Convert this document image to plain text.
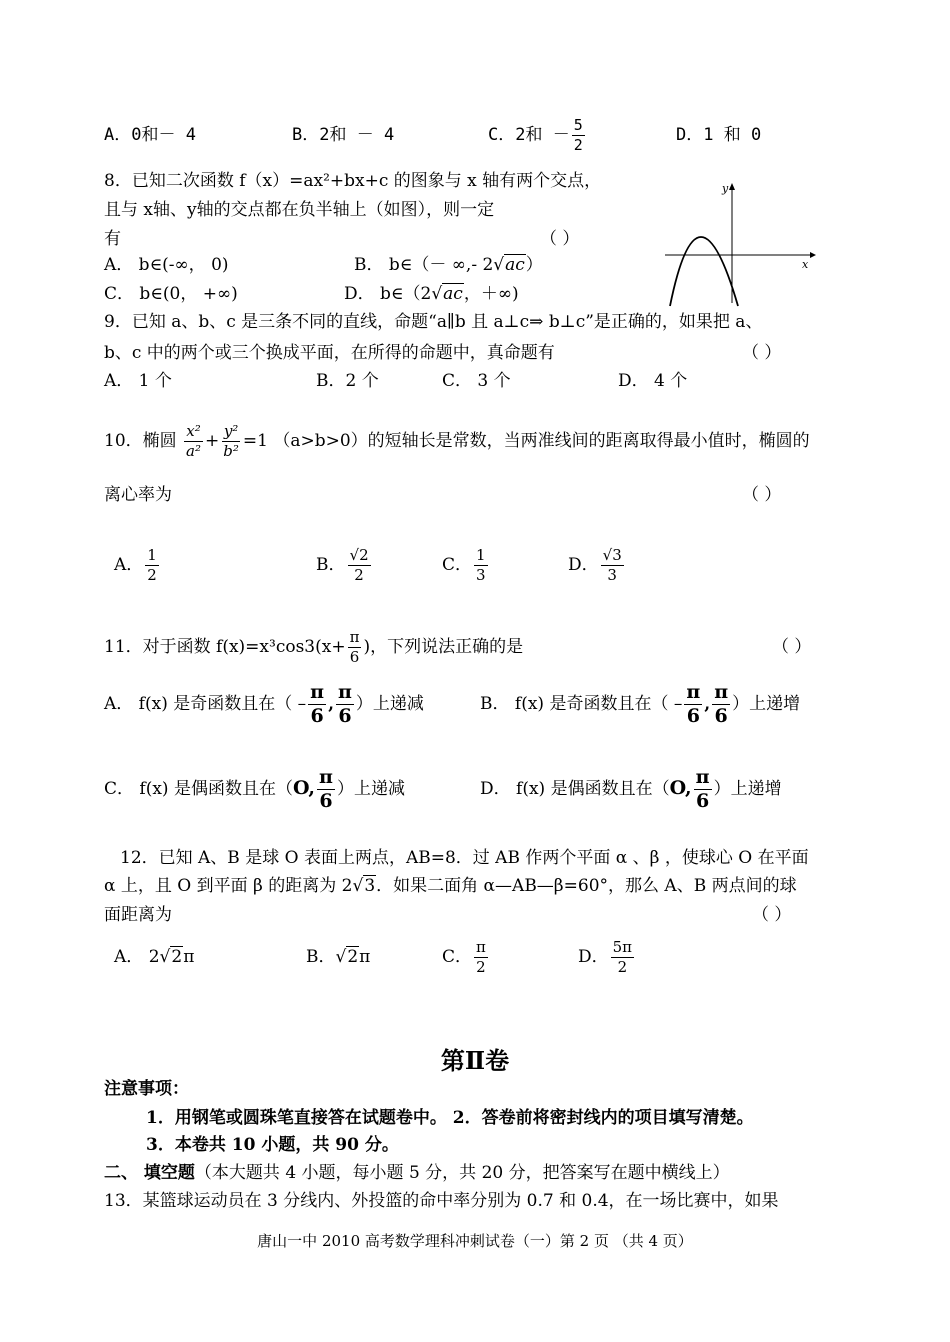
A．0和－ 4	B．2和 － 4	C．2和 － $\frac{5}{2}$	D．1 和 0
8．已知二次函数 f（x）=ax²+bx+c 的图象与 x 轴有两个交点，
且与 x轴、y轴的交点都在负半轴上（如图），则一定
有	（ ）
A． b∈(-∞， 0)	B． b∈（－ ∞,- 2√ac）
C． b∈(0， +∞)	D． b∈（2√ac，＋∞)
x
y
9．已知 a、b、c 是三条不同的直线，命题“a∥b 且 a⊥c⇒ b⊥c”是正确的，如果把 a、
b、c 中的两个或三个换成平面，在所得的命题中，真命题有	（ ）
A． 1 个	B．2 个	C． 3 个	D． 4 个
10．椭圆 $\frac{\text{x²}}{\text{a²}} + \frac{\text{y²}}{\text{b²}} =1$ （a>b>0）的短轴长是常数，当两准线间的距离取得最小值时，椭圆的
离心率为	（ ）
A． $\frac{1}{2}$	B． $\frac{√2}{2}$	C． $\frac{1}{3}$	D． $\frac{√3}{3}$
11．对于函数 $f(x)=x^3\cos 3(x+ \frac{\pi}{6}$ )，下列说法正确的是	（ ）
A． f(x) 是奇函数且在（ – $\frac{\pi}{6}$ , $\frac{\pi}{6}$ ）上递减	B． f(x) 是奇函数且在（ – $\frac{\pi}{6}$ , $\frac{\pi}{6}$ ）上递增
C． f(x) 是偶函数且在（O, $\frac{\pi}{6}$ ）上递减	D． f(x) 是偶函数且在（O, $\frac{\pi}{6}$ ）上递增
12．已知 A、B 是球 O 表面上两点，AB=8．过 AB 作两个平面 α 、β ，使球心 O 在平面
α 上，且 O 到平面 β 的距离为 2√3．如果二面角 α—AB—β=60°，那么 A、B 两点间的球
面距离为	（ ）
A． 2√2π	B．√2π	C． $\frac{\pi}{2}$	D． $\frac{5\pi}{2}$
第Ⅱ卷
注意事项：
1．用钢笔或圆珠笔直接答在试题卷中。 2．答卷前将密封线内的项目填写清楚。
3．本卷共 10 小题，共 90 分。
二、 填空题（本大题共 4 小题，每小题 5 分，共 20 分，把答案写在题中横线上）
13．某篮球运动员在 3 分线内、外投篮的命中率分别为 0.7 和 0.4，在一场比赛中，如果
唐山一中 2010 高考数学理科冲刺试卷（一）第 2 页 （共 4 页）
